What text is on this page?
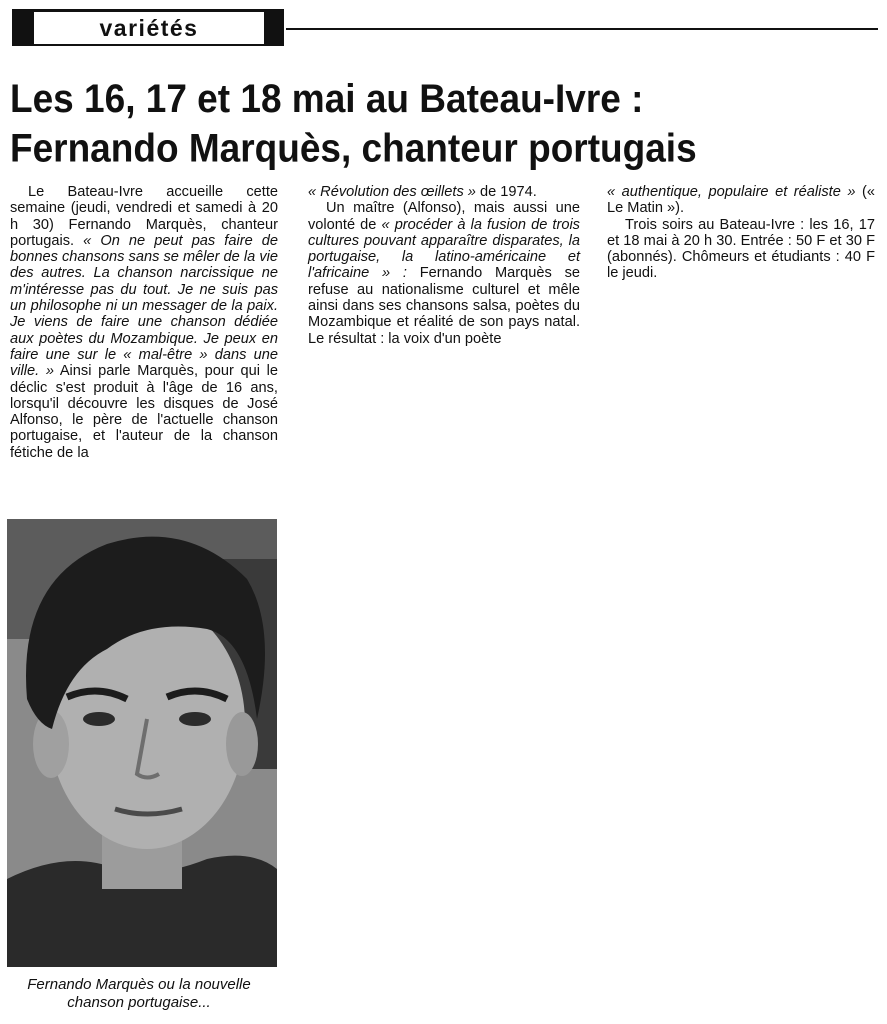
variétés
Les 16, 17 et 18 mai au Bateau-Ivre :
Fernando Marquès, chanteur portugais

Le Bateau-Ivre accueille cette semaine (jeudi, vendredi et samedi à 20 h 30) Fernando Marquès, chanteur portugais. « On ne peut pas faire de bonnes chansons sans se mêler de la vie des autres. La chanson narcissique ne m'intéresse pas du tout. Je ne suis pas un philosophe ni un messager de la paix. Je viens de faire une chanson dédiée aux poètes du Mozambique. Je peux en faire une sur le « mal-être » dans une ville. » Ainsi parle Marquès, pour qui le déclic s'est produit à l'âge de 16 ans, lorsqu'il découvre les disques de José Alfonso, le père de l'actuelle chanson portugaise, et l'auteur de la chanson fétiche de la

« Révolution des œillets » de 1974.

Un maître (Alfonso), mais aussi une volonté de « procéder à la fusion de trois cultures pouvant apparaître disparates, la portugaise, la latino-américaine et l'africaine » : Fernando Marquès se refuse au nationalisme culturel et mêle ainsi dans ses chansons salsa, poètes du Mozambique et réalité de son pays natal. Le résultat : la voix d'un poète

« authentique, populaire et réaliste » (« Le Matin »).

Trois soirs au Bateau-Ivre : les 16, 17 et 18 mai à 20 h 30. Entrée : 50 F et 30 F (abonnés). Chômeurs et étudiants : 40 F le jeudi.

Fernando Marquès ou la nouvelle chanson portugaise...
